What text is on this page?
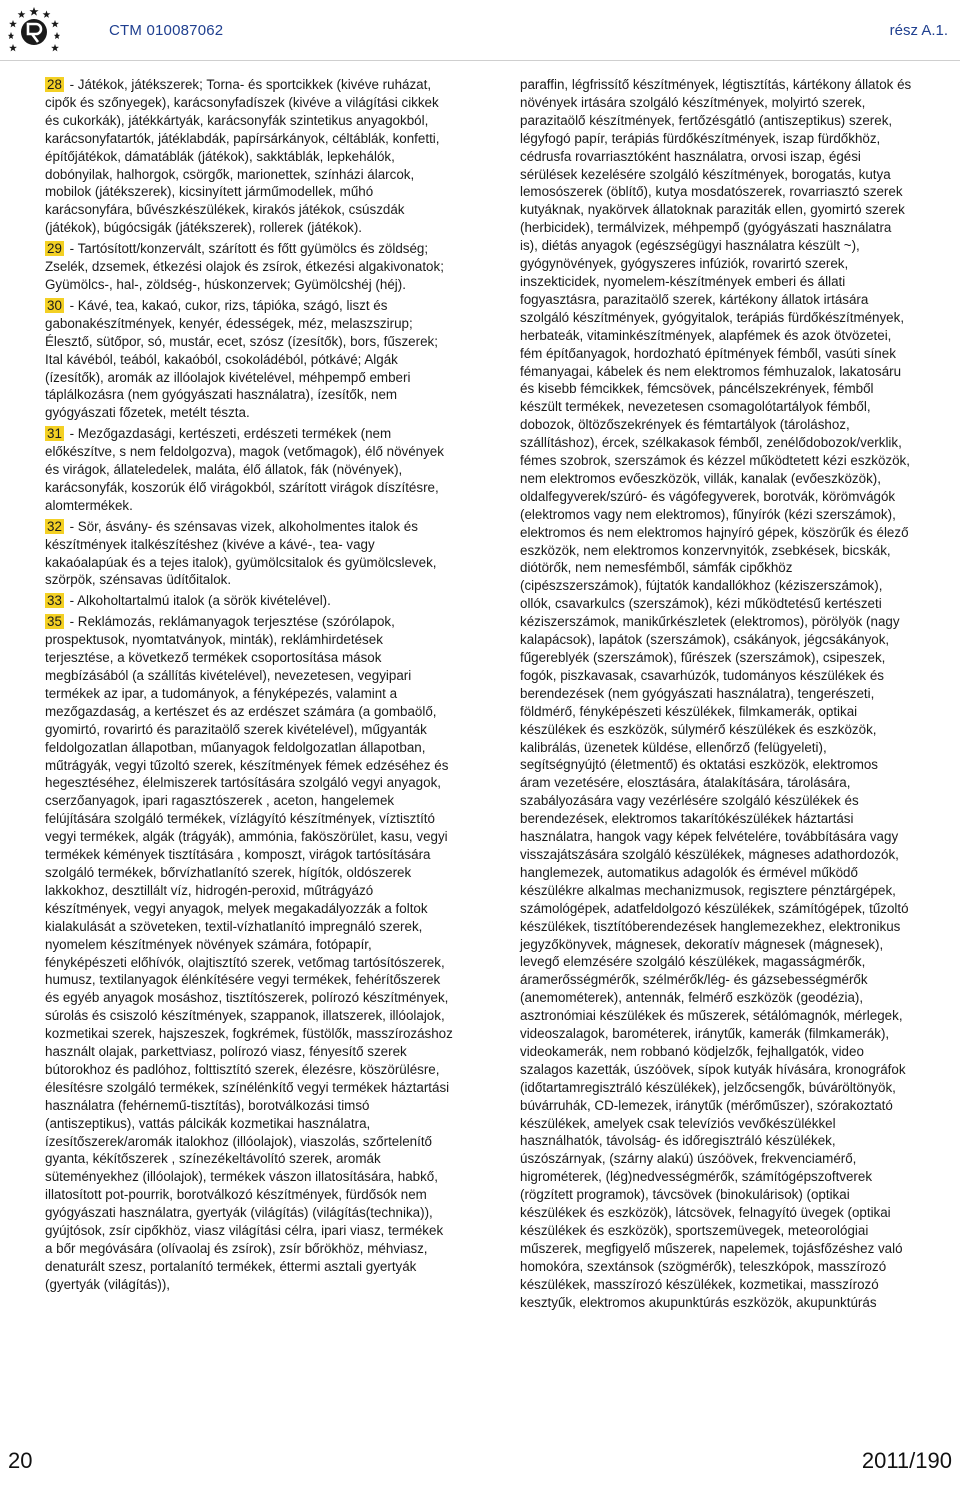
CTM 010087062	rész A.1.

28 - Játékok, játékszerek; Torna- és sportcikkek (kivéve ruházat, cipők és szőnyegek), karácsonyfadíszek (kivéve a világítási cikkek és cukorkák), játékkártyák, karácsonyfák szintetikus anyagokból, karácsonyfatartók, játéklabdák, papírsárkányok, céltáblák, konfetti, építőjátékok, dámatáblák (játékok), sakktáblák, lepkehálók, dobónyilak, halhorgok, csörgők, marionettek, színházi álarcok, mobilok (játékszerek), kicsinyített járműmodellek, műhó karácsonyfára, bűvészkészülékek, kirakós játékok, csúszdák (játékok), búgócsigák (játékszerek), rollerek (játékok).

29 - Tartósított/konzervált, szárított és főtt gyümölcs és zöldség; Zselék, dzsemek, étkezési olajok és zsírok, étkezési algakivonatok; Gyümölcs-, hal-, zöldség-, húskonzervek; Gyümölcshéj (héj).

30 - Kávé, tea, kakaó, cukor, rizs, tápióka, szágó, liszt és gabonakészítmények, kenyér, édességek, méz, melaszszirup; Élesztő, sütőpor, só, mustár, ecet, szósz (ízesítők), bors, fűszerek; Ital kávéból, teából, kakaóból, csokoládéból, pótkávé; Algák (ízesítők), aromák az illóolajok kivételével, méhpempő emberi táplálkozásra (nem gyógyászati használatra), ízesítők, nem gyógyászati főzetek, metélt tészta.

31 - Mezőgazdasági, kertészeti, erdészeti termékek (nem előkészítve, s nem feldolgozva), magok (vetőmagok), élő növények és virágok, állateledelek, maláta, élő állatok, fák (növények), karácsonyfák, koszorúk élő virágokból, szárított virágok díszítésre, alomtermékek.

32 - Sör, ásvány- és szénsavas vizek, alkoholmentes italok és készítmények italkészítéshez (kivéve a kávé-, tea- vagy kakaóalapúak és a tejes italok), gyümölcsitalok és gyümölcslevek, szörpök, szénsavas üdítőitalok.

33 - Alkoholtartalmú italok (a sörök kivételével).

35 - Reklámozás, reklámanyagok terjesztése (szórólapok, prospektusok, nyomtatványok, minták), reklámhirdetések terjesztése, a következő termékek csoportosítása mások megbízásából (a szállítás kivételével), nevezetesen, vegyipari termékek az ipar, a tudományok, a fényképezés, valamint a mezőgazdaság, a kertészet és az erdészet számára (a gombaölő, gyomirtó, rovarirtó és parazitaölő szerek kivételével), műgyanták feldolgozatlan állapotban, műanyagok feldolgozatlan állapotban, műtrágyák, vegyi tűzoltó szerek, készítmények fémek edzéséhez és hegesztéséhez, élelmiszerek tartósítására szolgáló vegyi anyagok, cserzőanyagok, ipari ragasztószerek , aceton, hangelemek felújítására szolgáló termékek, vízlágyító készítmények, víztisztító vegyi termékek, algák (trágyák), ammónia, faköszörület, kasu, vegyi termékek kémények tisztítására , komposzt, virágok tartósítására szolgáló termékek, bőrvízhatlanító szerek, hígítók, oldószerek lakkokhoz, desztillált víz, hidrogén-peroxid, műtrágyázó készítmények, vegyi anyagok, melyek megakadályozzák a foltok kialakulását a szöveteken, textil-vízhatlanító impregnáló szerek, nyomelem készítmények növények számára, fotópapír, fényképészeti előhívók, olajtisztító szerek, vetőmag tartósítószerek, humusz, textilanyagok élénkítésére vegyi termékek, fehérítőszerek és egyéb anyagok mosáshoz, tisztítószerek, polírozó készítmények, súrolás és csiszoló készítmények, szappanok, illatszerek, illóolajok, kozmetikai szerek, hajszeszek, fogkrémek, füstölők, masszírozáshoz használt olajak, parkettviasz, polírozó viasz, fényesítő szerek bútorokhoz és padlóhoz, folttisztító szerek, élezésre, köszörülésre, élesítésre szolgáló termékek, színélénkítő vegyi termékek háztartási használatra (fehérnemű-tisztítás), borotválkozási timsó (antiszeptikus), vattás pálcikák kozmetikai használatra, ízesítőszerek/aromák italokhoz (illóolajok), viaszolás, szőrtelenítő gyanta, kékítőszerek , színezékeltávolító szerek, aromák süteményekhez (illóolajok), termékek vászon illatosítására, habkő, illatosított pot-pourrik, borotválkozó készítmények, fürdősók nem gyógyászati használatra, gyertyák (világítás) (világítás(technika)), gyújtósok, zsír cipőkhöz, viasz világítási célra, ipari viasz, termékek a bőr megóvására (olívaolaj és zsírok), zsír bőrökhöz, méhviasz, denaturált szesz, portalanító termékek, éttermi asztali gyertyák (gyertyák (világítás)),

paraffin, légfrissítő készítmények, légtisztítás, kártékony állatok és növények irtására szolgáló készítmények, molyirtó szerek, parazitaölő készítmények, fertőzésgátló (antiszeptikus) szerek, légyfogó papír, terápiás fürdőkészítmények, iszap fürdőkhöz, cédrusfa rovarriasztóként használatra, orvosi iszap, égési sérülések kezelésére szolgáló készítmények, borogatás, kutya lemosószerek (öblítő), kutya mosdatószerek, rovarriasztó szerek kutyáknak, nyakörvek állatoknak paraziták ellen, gyomirtó szerek (herbicidek), termálvizek, méhpempő (gyógyászati használatra is), diétás anyagok (egészségügyi használatra készült ~), gyógynövények, gyógyszeres infúziók, rovarirtó szerek, inszekticidek, nyomelem-készítmények emberi és állati fogyasztásra, parazitaölő szerek, kártékony állatok irtására szolgáló készítmények, gyógyitalok, terápiás fürdőkészítmények, herbateák, vitaminkészítmények, alapfémek és azok ötvözetei, fém építőanyagok, hordozható építmények fémből, vasúti sínek fémanyagai, kábelek és nem elektromos fémhuzalok, lakatosáru és kisebb fémcikkek, fémcsövek, páncélszekrények, fémből készült termékek, nevezetesen csomagolótartályok fémből, dobozok, öltözőszekrények és fémtartályok (tároláshoz, szállításhoz), ércek, szélkakasok fémből, zenélődobozok/verklik, fémes szobrok, szerszámok és kézzel működtetett kézi eszközök, nem elektromos evőeszközök, villák, kanalak (evőeszközök), oldalfegyverek/szúró- és vágófegyverek, borotvák, körömvágók (elektromos vagy nem elektromos), fűnyírók (kézi szerszámok), elektromos és nem elektromos hajnyíró gépek, köszörűk és élező eszközök, nem elektromos konzervnyitók, zsebkések, bicskák, diótörők, nem nemesfémből, sámfák cipőkhöz (cipészszerszámok), fújtatók kandallókhoz (kéziszerszámok), ollók, csavarkulcs (szerszámok), kézi működtetésű kertészeti kéziszerszámok, manikűrkészletek (elektromos), pörölyök (nagy kalapácsok), lapátok (szerszámok), csákányok, jégcsákányok, fűgereblyék (szerszámok), fűrészek (szerszámok), csipeszek, fogók, piszkavasak, csavarhúzók, tudományos készülékek és berendezések (nem gyógyászati használatra), tengerészeti, földmérő, fényképészeti készülékek, filmkamerák, optikai készülékek és eszközök, súlymérő készülékek és eszközök, kalibrálás, üzenetek küldése, ellenőrző (felügyeleti), segítségnyújtó (életmentő) és oktatási eszközök, elektromos áram vezetésére, elosztására, átalakítására, tárolására, szabályozására vagy vezérlésére szolgáló készülékek és berendezések, elektromos takarítókészülékek háztartási használatra, hangok vagy képek felvételére, továbbítására vagy visszajátszására szolgáló készülékek, mágneses adathordozók, hanglemezek, automatikus adagolók és érmével működő készülékre alkalmas mechanizmusok, regisztere pénztárgépek, számológépek, adatfeldolgozó készülékek, számítógépek, tűzoltó készülékek, tisztítóberendezések hanglemezekhez, elektronikus jegyzőkönyvek, mágnesek, dekoratív mágnesek (mágnesek), levegő elemzésére szolgáló készülékek, magasságmérők, áramerősségmérők, szélmérők/lég- és gázsebességmérők (anemométerek), antennák, felmérő eszközök (geodézia), asztronómiai készülékek és műszerek, sétálómagnók, mérlegek, videoszalagok, barométerek, iránytűk, kamerák (filmkamerák), videokamerák, nem robbanó ködjelzők, fejhallgatók, video szalagos kazetták, úszóövek, sípok kutyák hívására, kronográfok (időtartamregisztráló készülékek), jelzőcsengők, búváröltönyök, búvárruhák, CD-lemezek, iránytűk (mérőműszer), szórakoztató készülékek, amelyek csak televíziós vevőkészülékkel használhatók, távolság- és időregisztráló készülékek, úszószárnyak, (szárny alakú) úszóövek, frekvenciamérő, higrométerek, (lég)nedvességmérők, számítógépszoftverek (rögzített programok), távcsövek (binokulárisok) (optikai készülékek és eszközök), látcsövek, felnagyító üvegek (optikai készülékek és eszközök), sportszemüvegek, meteorológiai műszerek, megfigyelő műszerek, napelemek, tojásfőzéshez való homokóra, szextánsok (szögmérők), teleszkópok, masszírozó készülékek, masszírozó készülékek, kozmetikai, masszírozó kesztyűk, elektromos akupunktúrás eszközök, akupunktúrás

20	2011/190
